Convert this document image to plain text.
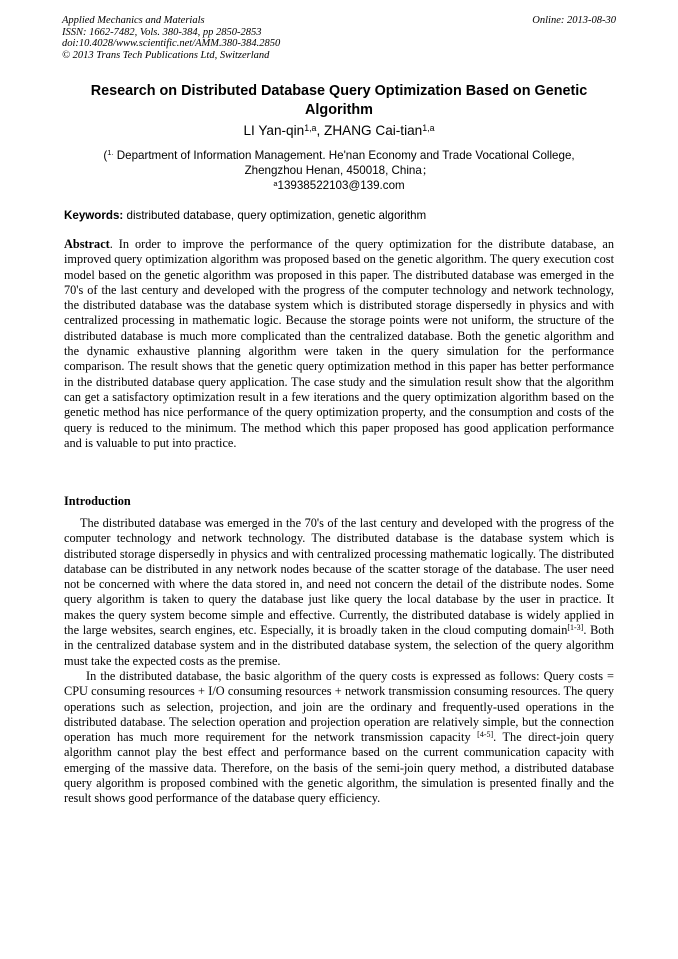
Applied Mechanics and Materials
ISSN: 1662-7482, Vols. 380-384, pp 2850-2853
doi:10.4028/www.scientific.net/AMM.380-384.2850
© 2013 Trans Tech Publications Ltd, Switzerland
Online: 2013-08-30
Research on Distributed Database Query Optimization Based on Genetic
Algorithm
LI Yan-qin$^{1,a}$, ZHANG Cai-tian$^{1,a}$
($^{1.}$ Department of Information Management. He'nan Economy and Trade Vocational College,
Zhengzhou Henan, 450018, China；
$^a$13938522103@139.com
Keywords: distributed database, query optimization, genetic algorithm
Abstract. In order to improve the performance of the query optimization for the distribute database, an improved query optimization algorithm was proposed based on the genetic algorithm. The query execution cost model based on the genetic algorithm was proposed in this paper. The distributed database was emerged in the 70's of the last century and developed with the progress of the computer technology and network technology, the distributed database was the database system which is distributed storage dispersedly in physics and with centralized processing in mathematic logic. Because the storage points were not uniform, the structure of the distributed database is much more complicated than the centralized database. Both the genetic algorithm and the dynamic exhaustive planning algorithm were taken in the query simulation for the performance comparison. The result shows that the genetic query optimization method in this paper has better performance in the distributed database query application. The case study and the simulation result show that the algorithm can get a satisfactory optimization result in a few iterations and the query optimization algorithm based on the genetic method has nice performance of the query optimization property, and the consumption and costs of the query is reduced to the minimum. The method which this paper proposed has good application performance and is valuable to put into practice.
Introduction

The distributed database was emerged in the 70's of the last century and developed with the progress of the computer technology and network technology. The distributed database is the database system which is distributed storage dispersedly in physics and with centralized processing mathematic logically. The distributed database can be distributed in any network nodes because of the scatter storage of the database. The user need not be concerned with where the data stored in, and need not concern the detail of the distribute nodes. Some query algorithm is taken to query the database just like query the local database by the user in practice. It makes the query system become simple and effective. Currently, the distributed database is widely applied in the large websites, search engines, etc. Especially, it is broadly taken in the cloud computing domain[1-3]. Both in the centralized database system and in the distributed database system, the selection of the query algorithm must take the expected costs as the premise.

In the distributed database, the basic algorithm of the query costs is expressed as follows: Query costs = CPU consuming resources + I/O consuming resources + network transmission consuming resources. The query operations such as selection, projection, and join are the ordinary and frequently-used operations in the distributed database. The selection operation and projection operation are relatively simple, but the connection operation has much more requirement for the network transmission capacity [4-5]. The direct-join query algorithm cannot play the best effect and performance based on the current communication capacity with emerging of the massive data. Therefore, on the basis of the semi-join query method, a distributed database query algorithm is proposed combined with the genetic algorithm, the simulation is presented finally and the result shows good performance of the database query efficiency.
